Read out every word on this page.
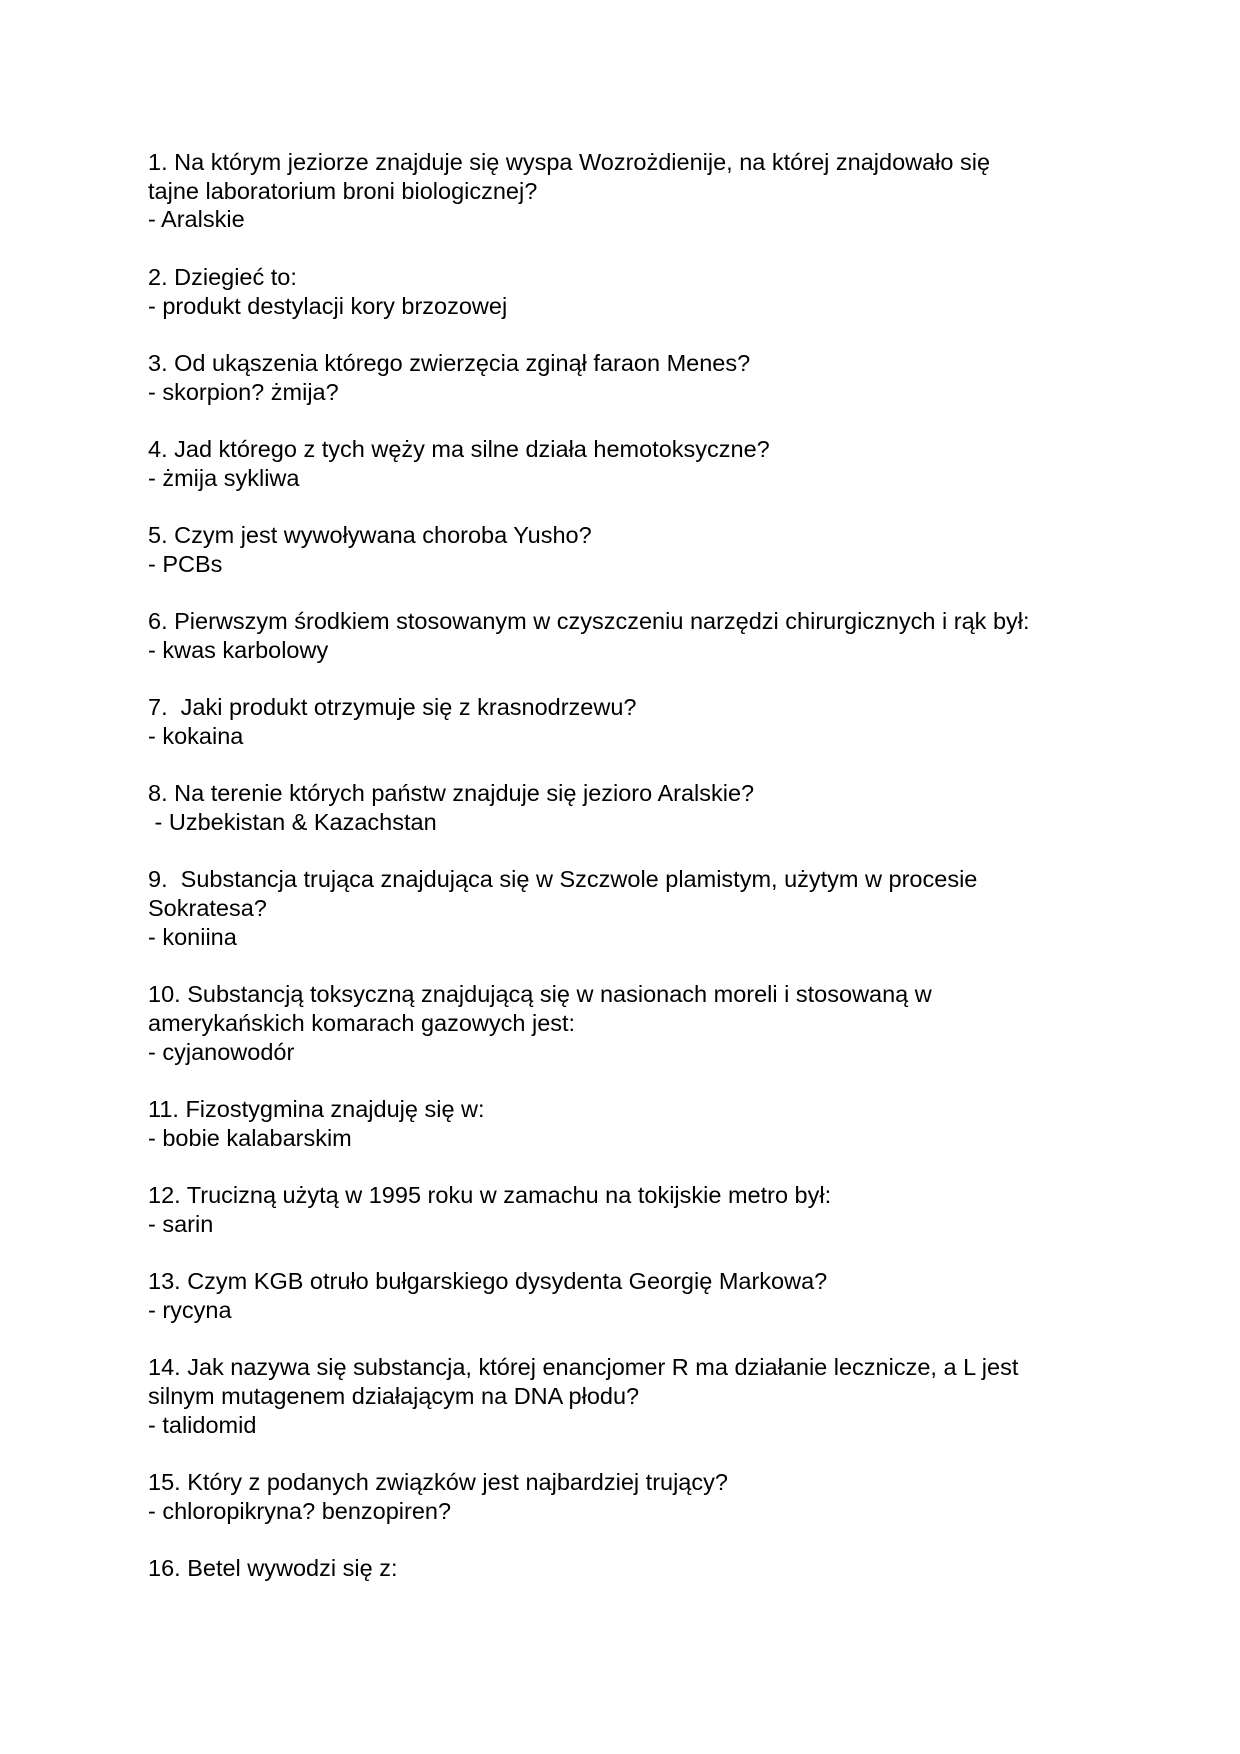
1. Na którym jeziorze znajduje się wyspa Wozrożdienije, na której znajdowało się
tajne laboratorium broni biologicznej?
- Aralskie
2. Dziegieć to:
- produkt destylacji kory brzozowej
3. Od ukąszenia którego zwierzęcia zginął faraon Menes?
- skorpion? żmija?
4. Jad którego z tych węży ma silne działa hemotoksyczne?
- żmija sykliwa
5. Czym jest wywoływana choroba Yusho?
- PCBs
6. Pierwszym środkiem stosowanym w czyszczeniu narzędzi chirurgicznych i rąk był:
- kwas karbolowy
7.  Jaki produkt otrzymuje się z krasnodrzewu?
- kokaina
8. Na terenie których państw znajduje się jezioro Aralskie?
- Uzbekistan & Kazachstan
9.  Substancja trująca znajdująca się w Szczwole plamistym, użytym w procesie
Sokratesa?
- koniina
10. Substancją toksyczną znajdującą się w nasionach moreli i stosowaną w
amerykańskich komarach gazowych jest:
- cyjanowodór
11. Fizostygmina znajduję się w:
- bobie kalabarskim
12. Trucizną użytą w 1995 roku w zamachu na tokijskie metro był:
- sarin
13. Czym KGB otruło bułgarskiego dysydenta Georgię Markowa?
- rycyna
14. Jak nazywa się substancja, której enancjomer R ma działanie lecznicze, a L jest
silnym mutagenem działającym na DNA płodu?
- talidomid
15. Który z podanych związków jest najbardziej trujący?
- chloropikryna? benzopiren?
16. Betel wywodzi się z:
